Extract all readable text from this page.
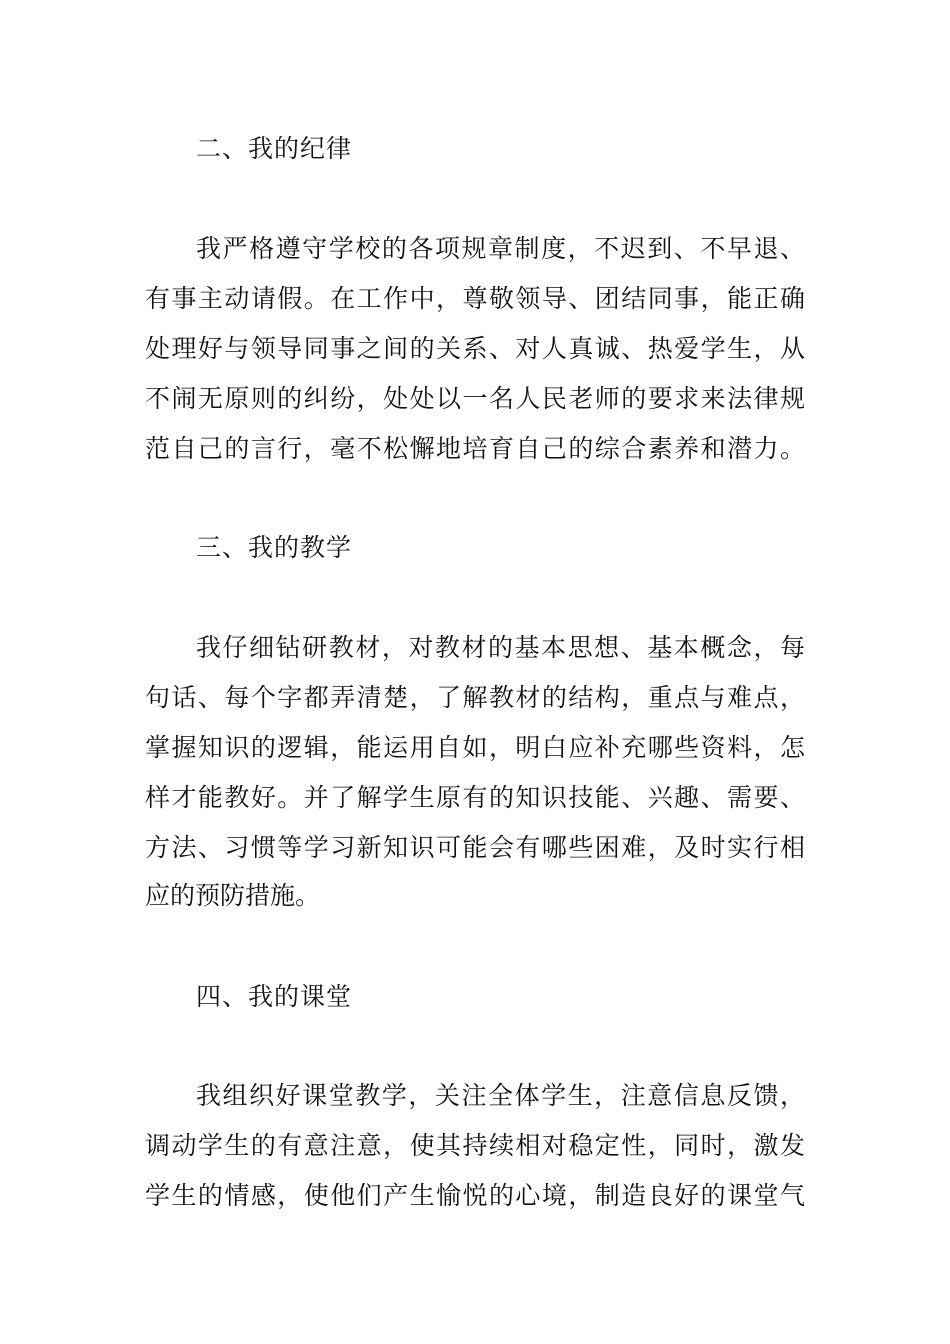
二、我的纪律
我严格遵守学校的各项规章制度，不迟到、不早退、
有事主动请假。在工作中，尊敬领导、团结同事，能正确
处理好与领导同事之间的关系、对人真诚、热爱学生，从
不闹无原则的纠纷，处处以一名人民老师的要求来法律规
范自己的言行，毫不松懈地培育自己的综合素养和潜力。
三、我的教学
我仔细钻研教材，对教材的基本思想、基本概念，每
句话、每个字都弄清楚，了解教材的结构，重点与难点，
掌握知识的逻辑，能运用自如，明白应补充哪些资料，怎
样才能教好。并了解学生原有的知识技能、兴趣、需要、
方法、习惯等学习新知识可能会有哪些困难，及时实行相
应的预防措施。
四、我的课堂
我组织好课堂教学，关注全体学生，注意信息反馈，
调动学生的有意注意，使其持续相对稳定性，同时，激发
学生的情感，使他们产生愉悦的心境，制造良好的课堂气
